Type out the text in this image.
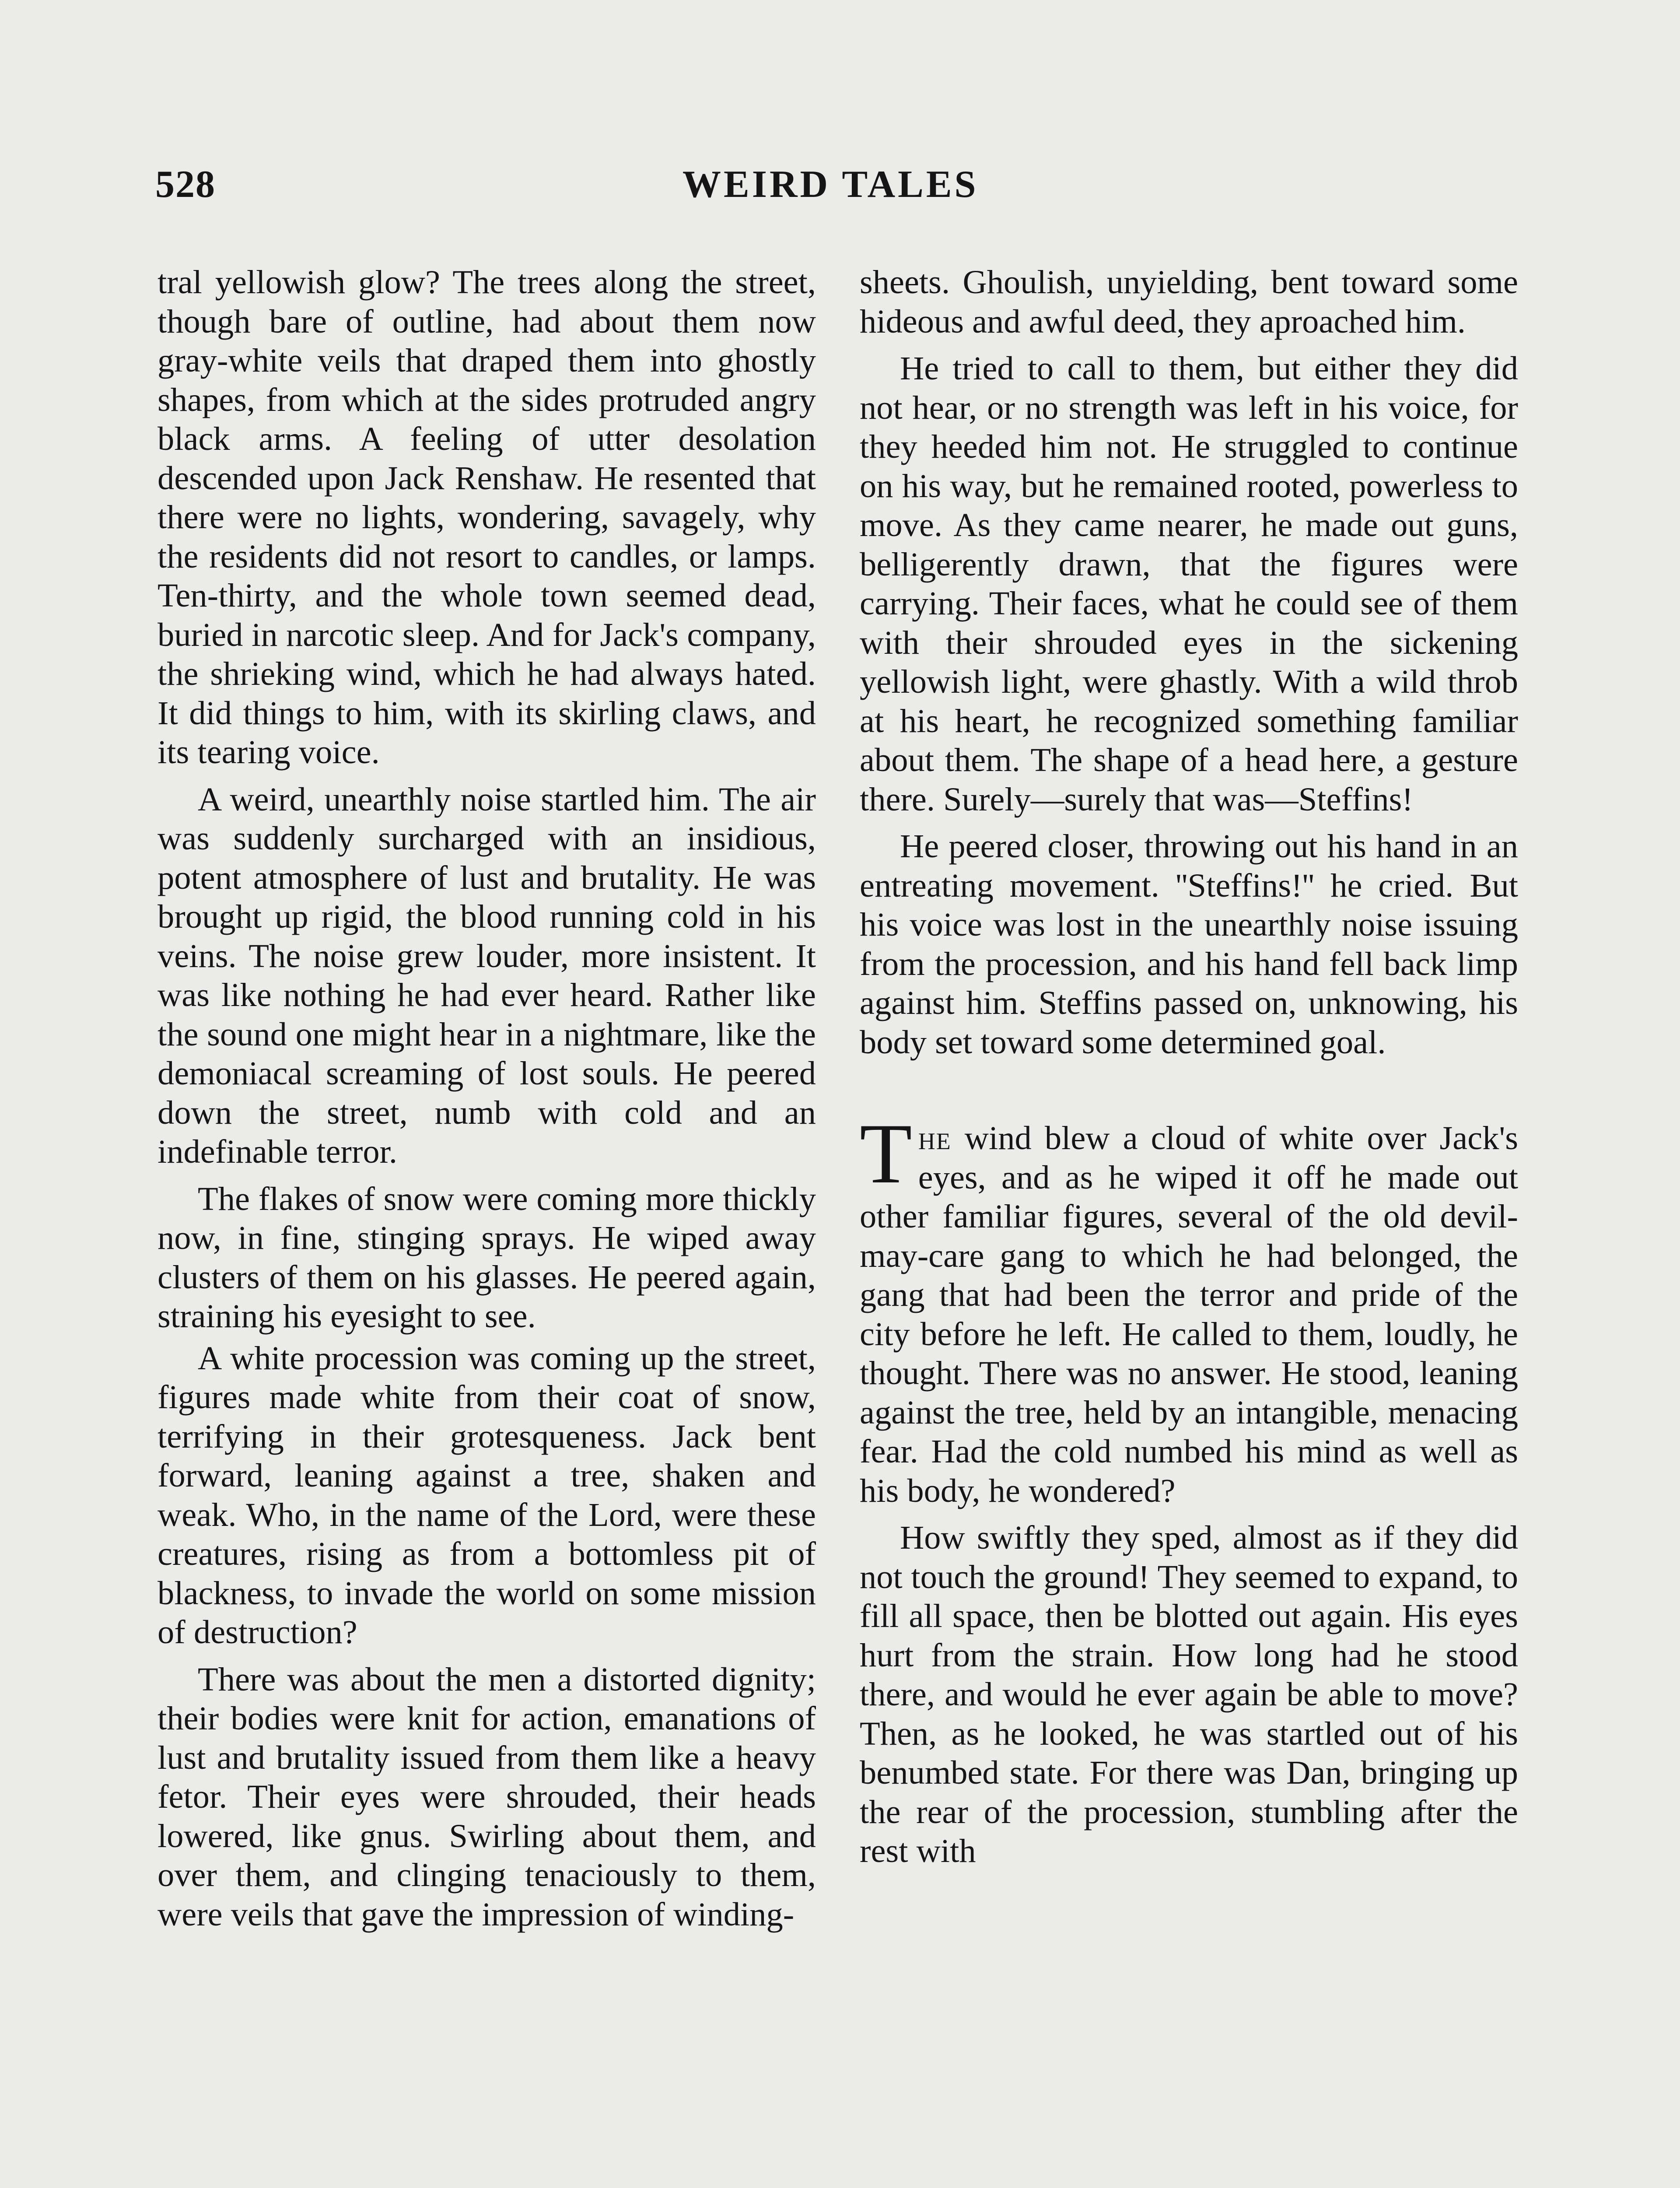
528	WEIRD TALES

tral yellowish glow? The trees along the street, though bare of outline, had about them now gray-white veils that draped them into ghostly shapes, from which at the sides protruded angry black arms. A feeling of utter desolation descended upon Jack Renshaw. He resented that there were no lights, wondering, savagely, why the residents did not resort to candles, or lamps. Ten-thirty, and the whole town seemed dead, buried in narcotic sleep. And for Jack's company, the shrieking wind, which he had always hated. It did things to him, with its skirling claws, and its tearing voice.

A weird, unearthly noise startled him. The air was suddenly surcharged with an insidious, potent atmosphere of lust and brutality. He was brought up rigid, the blood running cold in his veins. The noise grew louder, more insistent. It was like nothing he had ever heard. Rather like the sound one might hear in a nightmare, like the demoniacal screaming of lost souls. He peered down the street, numb with cold and an indefinable terror.

The flakes of snow were coming more thickly now, in fine, stinging sprays. He wiped away clusters of them on his glasses. He peered again, straining his eyesight to see.

A white procession was coming up the street, figures made white from their coat of snow, terrifying in their grotesqueness. Jack bent forward, leaning against a tree, shaken and weak. Who, in the name of the Lord, were these creatures, rising as from a bottomless pit of blackness, to invade the world on some mission of destruction?

There was about the men a distorted dignity; their bodies were knit for action, emanations of lust and brutality issued from them like a heavy fetor. Their eyes were shrouded, their heads lowered, like gnus. Swirling about them, and over them, and clinging tenaciously to them, were veils that gave the impression of winding-

sheets. Ghoulish, unyielding, bent toward some hideous and awful deed, they aproached him.

He tried to call to them, but either they did not hear, or no strength was left in his voice, for they heeded him not. He struggled to continue on his way, but he remained rooted, powerless to move. As they came nearer, he made out guns, belligerently drawn, that the figures were carrying. Their faces, what he could see of them with their shrouded eyes in the sickening yellowish light, were ghastly. With a wild throb at his heart, he recognized something familiar about them. The shape of a head here, a gesture there. Surely—surely that was—Steffins!

He peered closer, throwing out his hand in an entreating movement. ''Steffins!'' he cried. But his voice was lost in the unearthly noise issuing from the procession, and his hand fell back limp against him. Steffins passed on, unknowing, his body set toward some determined goal.

The wind blew a cloud of white over Jack's eyes, and as he wiped it off he made out other familiar figures, several of the old devil-may-care gang to which he had belonged, the gang that had been the terror and pride of the city before he left. He called to them, loudly, he thought. There was no answer. He stood, leaning against the tree, held by an intangible, menacing fear. Had the cold numbed his mind as well as his body, he wondered?

How swiftly they sped, almost as if they did not touch the ground! They seemed to expand, to fill all space, then be blotted out again. His eyes hurt from the strain. How long had he stood there, and would he ever again be able to move? Then, as he looked, he was startled out of his benumbed state. For there was Dan, bringing up the rear of the procession, stumbling after the rest with
